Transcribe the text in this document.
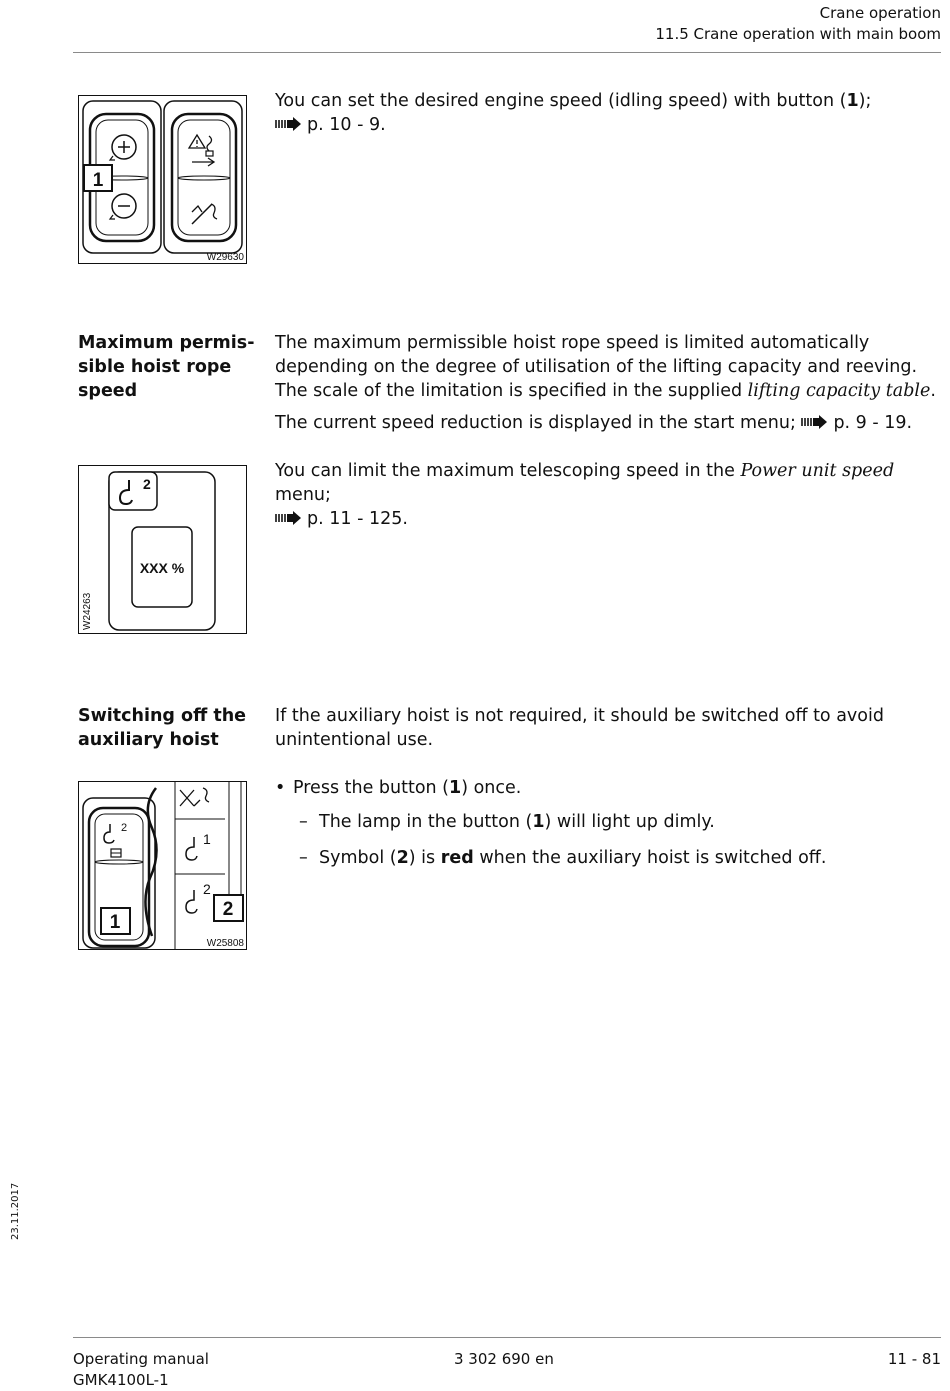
Crane operation
11.5 Crane operation with main boom
1
W29630

You can set the desired engine speed (idling speed) with button (1);
p. 10 - 9.

Maximum permis-sible hoist rope speed

The maximum permissible hoist rope speed is limited automatically depending on the degree of utilisation of the lifting capacity and reeving. The scale of the limitation is specified in the supplied lifting capacity table.

The current speed reduction is displayed in the start menu; p. 9 - 19.

You can limit the maximum telescoping speed in the Power unit speed menu;
p. 11 - 125.

2
XXX %
W24263
Switching off the auxiliary hoist

If the auxiliary hoist is not required, it should be switched off to avoid unintentional use.

• Press the button (1) once.
– The lamp in the button (1) will light up dimly.
– Symbol (2) is red when the auxiliary hoist is switched off.
2
1
2
1
2
W25808
23.11.2017
Operating manual
GMK4100L-1
3 302 690 en	11 - 81
